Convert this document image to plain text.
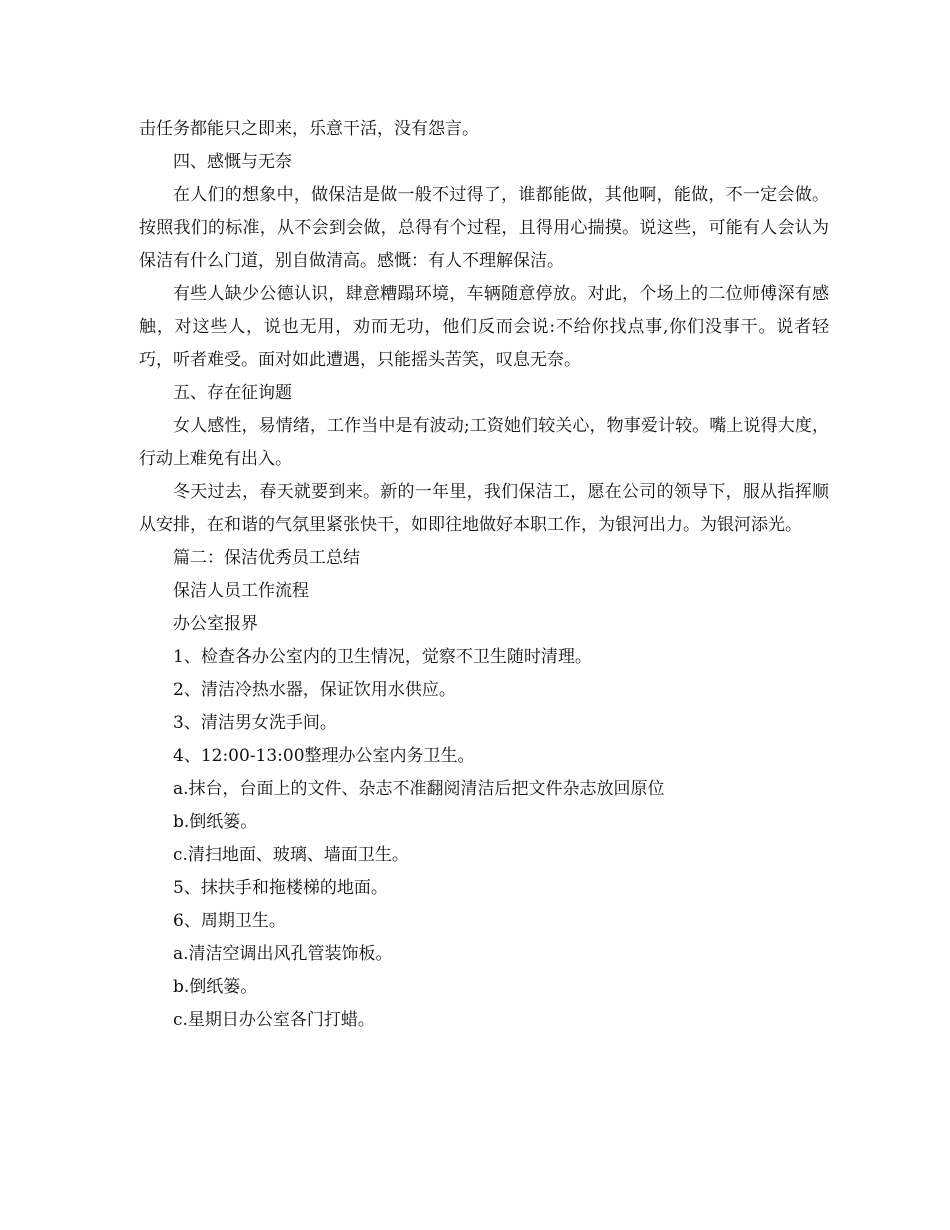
击任务都能只之即来，乐意干活，没有怨言。

四、感慨与无奈

在人们的想象中，做保洁是做一般不过得了，谁都能做，其他啊，能做，不一定会做。按照我们的标准，从不会到会做，总得有个过程，且得用心揣摸。说这些，可能有人会认为保洁有什么门道，别自做清高。感慨：有人不理解保洁。

有些人缺少公德认识，肆意糟蹋环境，车辆随意停放。对此，个场上的二位师傅深有感触，对这些人，说也无用，劝而无功，他们反而会说:不给你找点事,你们没事干。说者轻巧，听者难受。面对如此遭遇，只能摇头苦笑，叹息无奈。

五、存在征询题

女人感性，易情绪，工作当中是有波动;工资她们较关心，物事爱计较。嘴上说得大度，行动上难免有出入。

冬天过去，春天就要到来。新的一年里，我们保洁工，愿在公司的领导下，服从指挥顺从安排，在和谐的气氛里紧张快干，如即往地做好本职工作，为银河出力。为银河添光。

篇二：保洁优秀员工总结

保洁人员工作流程

办公室报界

1、检查各办公室内的卫生情况，觉察不卫生随时清理。

2、清洁冷热水器，保证饮用水供应。

3、清洁男女洗手间。

4、12:00-13:00整理办公室内务卫生。

a.抹台，台面上的文件、杂志不准翻阅清洁后把文件杂志放回原位

b.倒纸篓。

c.清扫地面、玻璃、墙面卫生。

5、抹扶手和拖楼梯的地面。

6、周期卫生。

a.清洁空调出风孔管装饰板。

b.倒纸篓。

c.星期日办公室各门打蜡。
